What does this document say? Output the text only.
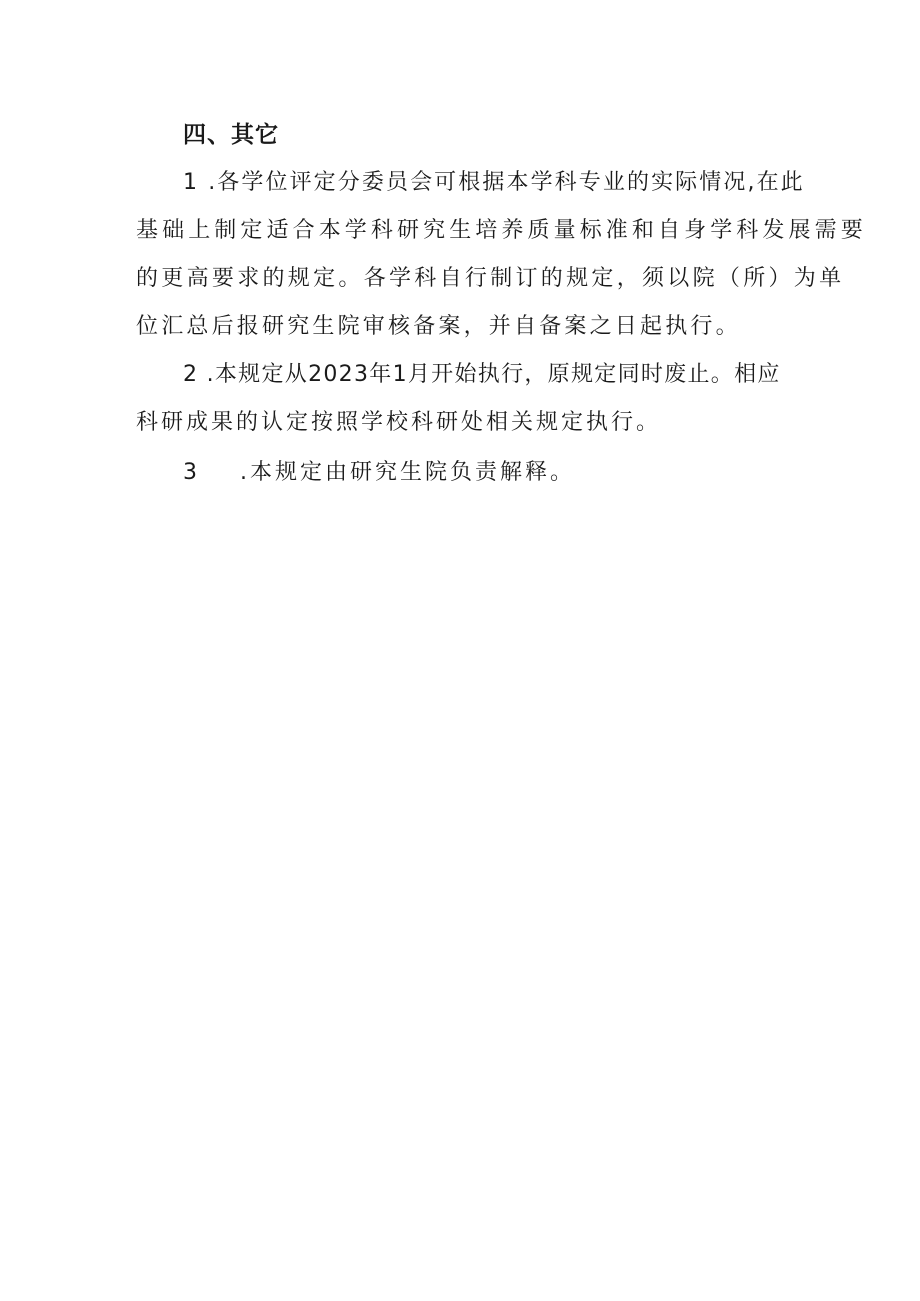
四、其它
1 .各学位评定分委员会可根据本学科专业的实际情况,在此
基础上制定适合本学科研究生培养质量标准和自身学科发展需要
的更高要求的规定。各学科自行制订的规定，须以院（所）为单
位汇总后报研究生院审核备案，并自备案之日起执行。
2 .本规定从2023年1月开始执行，原规定同时废止。相应
科研成果的认定按照学校科研处相关规定执行。
3 .本规定由研究生院负责解释。
